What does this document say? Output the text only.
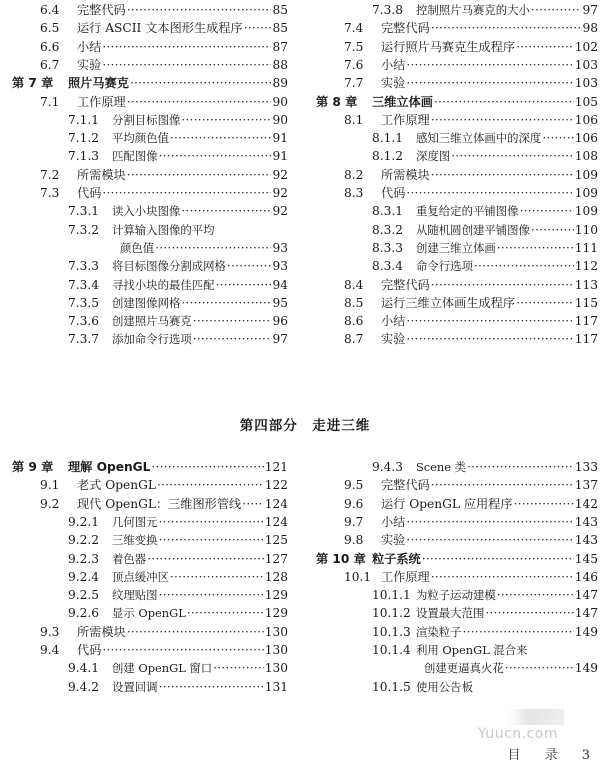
6.4	完整代码 ·····	85
6.5	运行 ASCII 文本图形生成程序 ····· 85
6.6	小结 ·····	87
6.7	实验 ·····	88
第 7 章	照片马赛克 ·····	89
7.1	工作原理 ·····	90
7.1.1	分割目标图像 ·····	90
7.1.2	平均颜色值 ·····	91
7.1.3	匹配图像 ·····	91
7.2	所需模块 ·····	92
7.3	代码 ·····	92
7.3.1	读入小块图像 ·····	92
7.3.2	计算输入图像的平均
颜色值 ·····	93
7.3.3	将目标图像分割成网格 ·····	93
7.3.4	寻找小块的最佳匹配 ·····	94
7.3.5	创建图像网格 ·····	95
7.3.6	创建照片马赛克 ·····	96
7.3.7	添加命令行选项 ·····	97
7.3.8	控制照片马赛克的大小 ·····	97
7.4	完整代码 ·····	98
7.5	运行照片马赛克生成程序 ·····	102
7.6	小结 ·····	103
7.7	实验 ·····	103
第 8 章	三维立体画 ·····	105
8.1	工作原理 ·····	106
8.1.1	感知三维立体画中的深度 ·····	106
8.1.2	深度图 ·····	108
8.2	所需模块 ·····	109
8.3	代码 ·····	109
8.3.1	重复给定的平铺图像 ·····	109
8.3.2	从随机圆创建平铺图像 ·····	110
8.3.3	创建三维立体画 ·····	111
8.3.4	命令行选项 ·····	112
8.4	完整代码 ·····	113
8.5	运行三维立体画生成程序 ·····	115
8.6	小结 ·····	117
8.7	实验 ·····	117
第四部分　走进三维
第 9 章	理解 OpenGL ·····	121
9.1	老式 OpenGL ·····	122
9.2	现代 OpenGL：三维图形管线 ····· 124
9.2.1	几何图元 ·····	124
9.2.2	三维变换 ·····	125
9.2.3	着色器 ·····	127
9.2.4	顶点缓冲区 ·····	128
9.2.5	纹理贴图 ·····	129
9.2.6	显示 OpenGL ·····	129
9.3	所需模块 ·····	130
9.4	代码 ·····	130
9.4.1	创建 OpenGL 窗口 ·····	130
9.4.2	设置回调 ·····	131
9.4.3	Scene 类 ·····	133
9.5	完整代码 ·····	137
9.6	运行 OpenGL 应用程序 ·····	142
9.7	小结 ·····	143
9.8	实验 ·····	143
第 10 章 粒子系统 ·····	145
10.1 工作原理 ·····	146
10.1.1 为粒子运动建模 ·····	147
10.1.2 设置最大范围 ·····	147
10.1.3 渲染粒子 ·····	149
10.1.4 利用 OpenGL 混合来
创建更逼真火花 ·····	149
10.1.5 使用公告板
Yuucn.com
目 录 3
